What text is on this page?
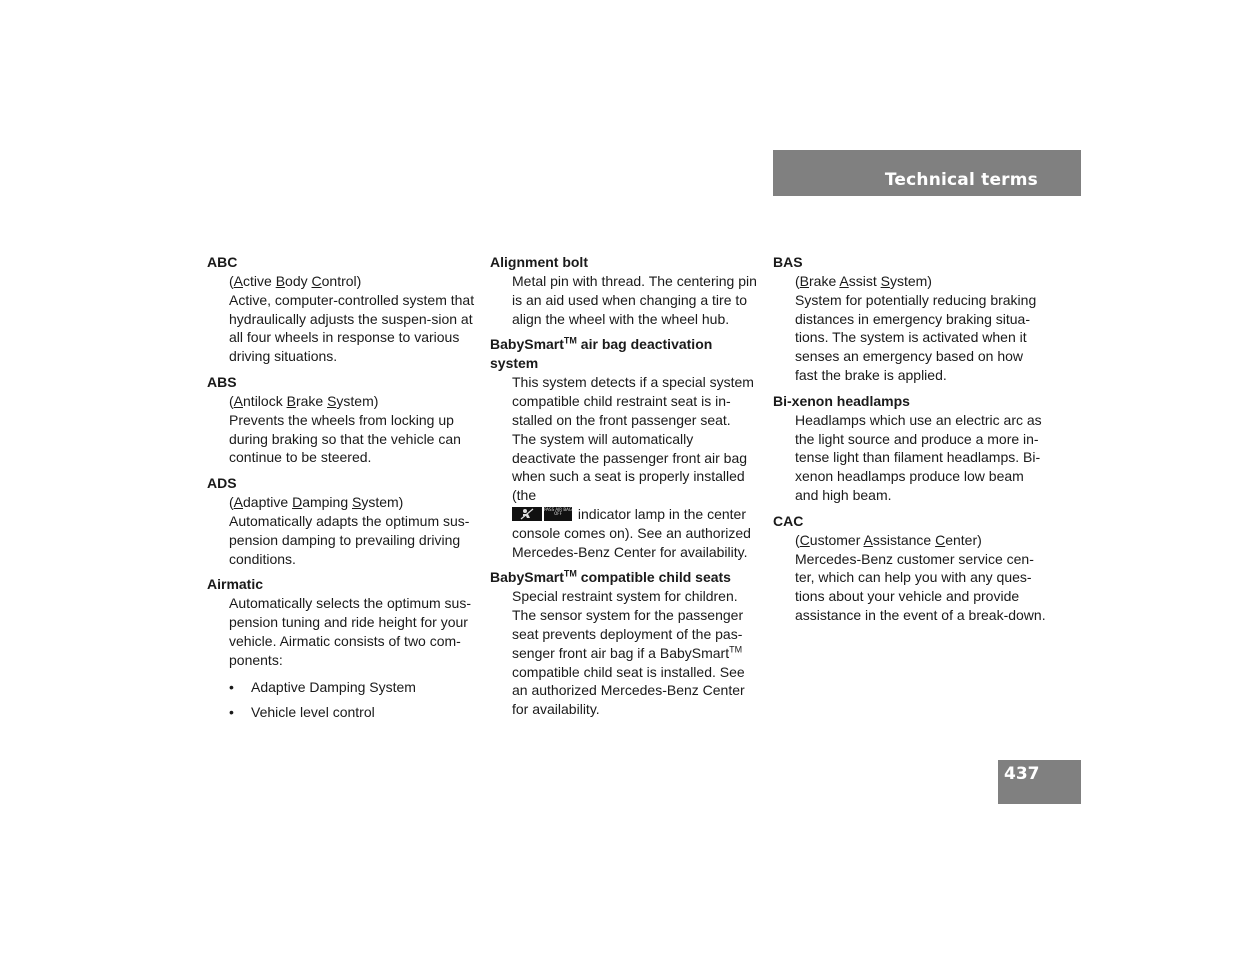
Technical terms

ABC

(Active Body Control)

Active, computer-controlled system that hydraulically adjusts the suspen-sion at all four wheels in response to various driving situations.

ABS

(Antilock Brake System)

Prevents the wheels from locking up during braking so that the vehicle can continue to be steered.

ADS

(Adaptive Damping System)

Automatically adapts the optimum sus-pension damping to prevailing driving conditions.

Airmatic

Automatically selects the optimum sus-pension tuning and ride height for your vehicle. Airmatic consists of two com-ponents:

• Adaptive Damping System
• Vehicle level control

Alignment bolt

Metal pin with thread. The centering pin is an aid used when changing a tire to align the wheel with the wheel hub.

BabySmart™ air bag deactivation system

This system detects if a special system compatible child restraint seat is in-stalled on the front passenger seat. The system will automatically deactivate the passenger front air bag when such a seat is properly installed (the

PASS AIR BAG OFF indicator lamp in the center console comes on). See an authorized Mercedes-Benz Center for availability.

BabySmart™ compatible child seats

Special restraint system for children. The sensor system for the passenger seat prevents deployment of the pas-senger front air bag if a BabySmart™ compatible child seat is installed. See an authorized Mercedes-Benz Center for availability.

BAS

(Brake Assist System)

System for potentially reducing braking distances in emergency braking situa-tions. The system is activated when it senses an emergency based on how fast the brake is applied.

Bi-xenon headlamps

Headlamps which use an electric arc as the light source and produce a more in-tense light than filament headlamps. Bi-xenon headlamps produce low beam and high beam.

CAC

(Customer Assistance Center)

Mercedes-Benz customer service cen-ter, which can help you with any ques-tions about your vehicle and provide assistance in the event of a break-down.

437
